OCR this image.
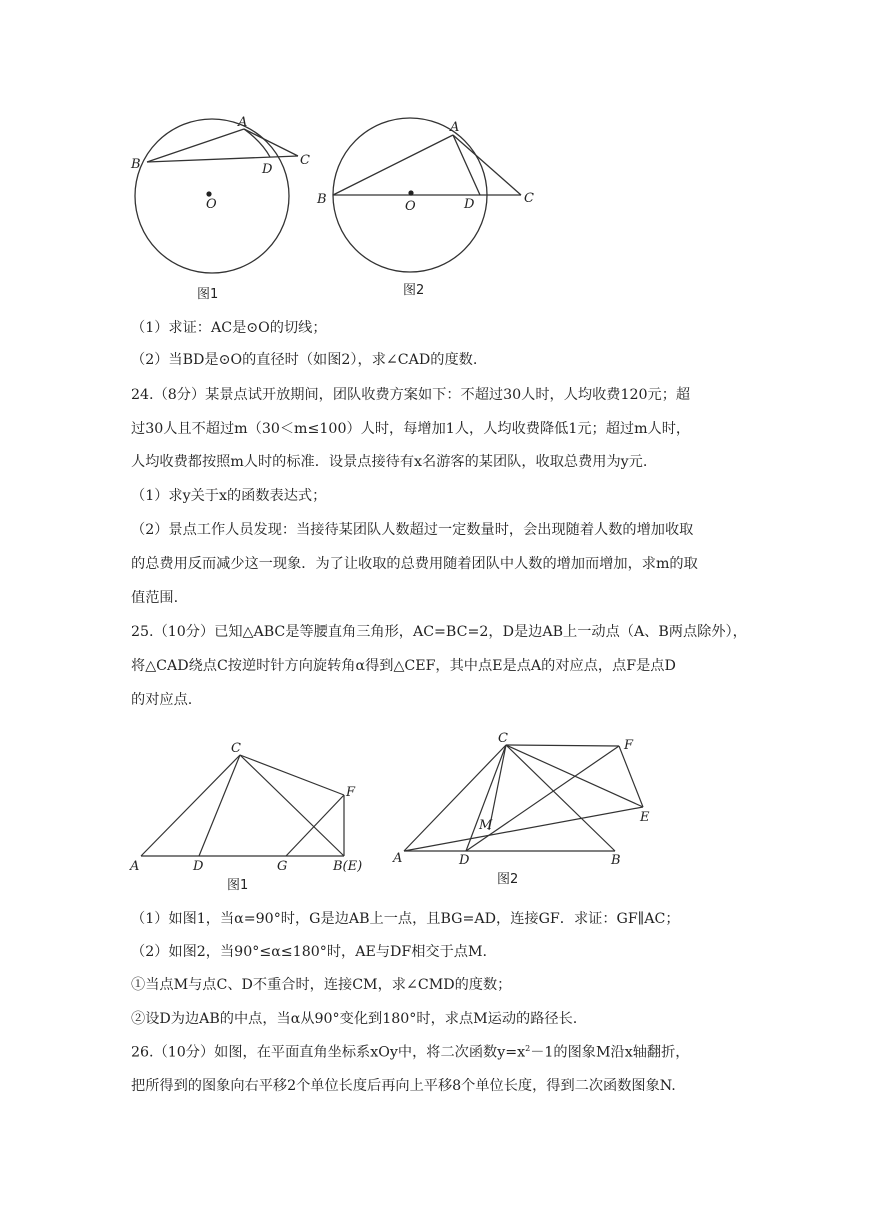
A
B	C
D
O
图1
A
B	C
D
O
图2
C
F
A	D	G	B(E)
图1
C	F
E
M
A	D	B
图2
（1）求证：AC是⊙O的切线；
（2）当BD是⊙O的直径时（如图2），求∠CAD的度数.
24.（8分）某景点试开放期间，团队收费方案如下：不超过30人时，人均收费120元；超
过30人且不超过m（30＜m≤100）人时，每增加1人，人均收费降低1元；超过m人时，
人均收费都按照m人时的标准．设景点接待有x名游客的某团队，收取总费用为y元.
（1）求y关于x的函数表达式；
（2）景点工作人员发现：当接待某团队人数超过一定数量时，会出现随着人数的增加收取
的总费用反而减少这一现象．为了让收取的总费用随着团队中人数的增加而增加，求m的取
值范围.
25.（10分）已知△ABC是等腰直角三角形，AC=BC=2，D是边AB上一动点（A、B两点除外），
将△CAD绕点C按逆时针方向旋转角α得到△CEF，其中点E是点A的对应点，点F是点D
的对应点.
（1）如图1，当α=90°时，G是边AB上一点，且BG=AD，连接GF．求证：GF∥AC；
（2）如图2，当90°≤α≤180°时，AE与DF相交于点M.
①当点M与点C、D不重合时，连接CM，求∠CMD的度数；
②设D为边AB的中点，当α从90°变化到180°时，求点M运动的路径长.
26.（10分）如图，在平面直角坐标系xOy中，将二次函数$y=x^2-1$的图象M沿x轴翻折，
把所得到的图象向右平移2个单位长度后再向上平移8个单位长度，得到二次函数图象N.
